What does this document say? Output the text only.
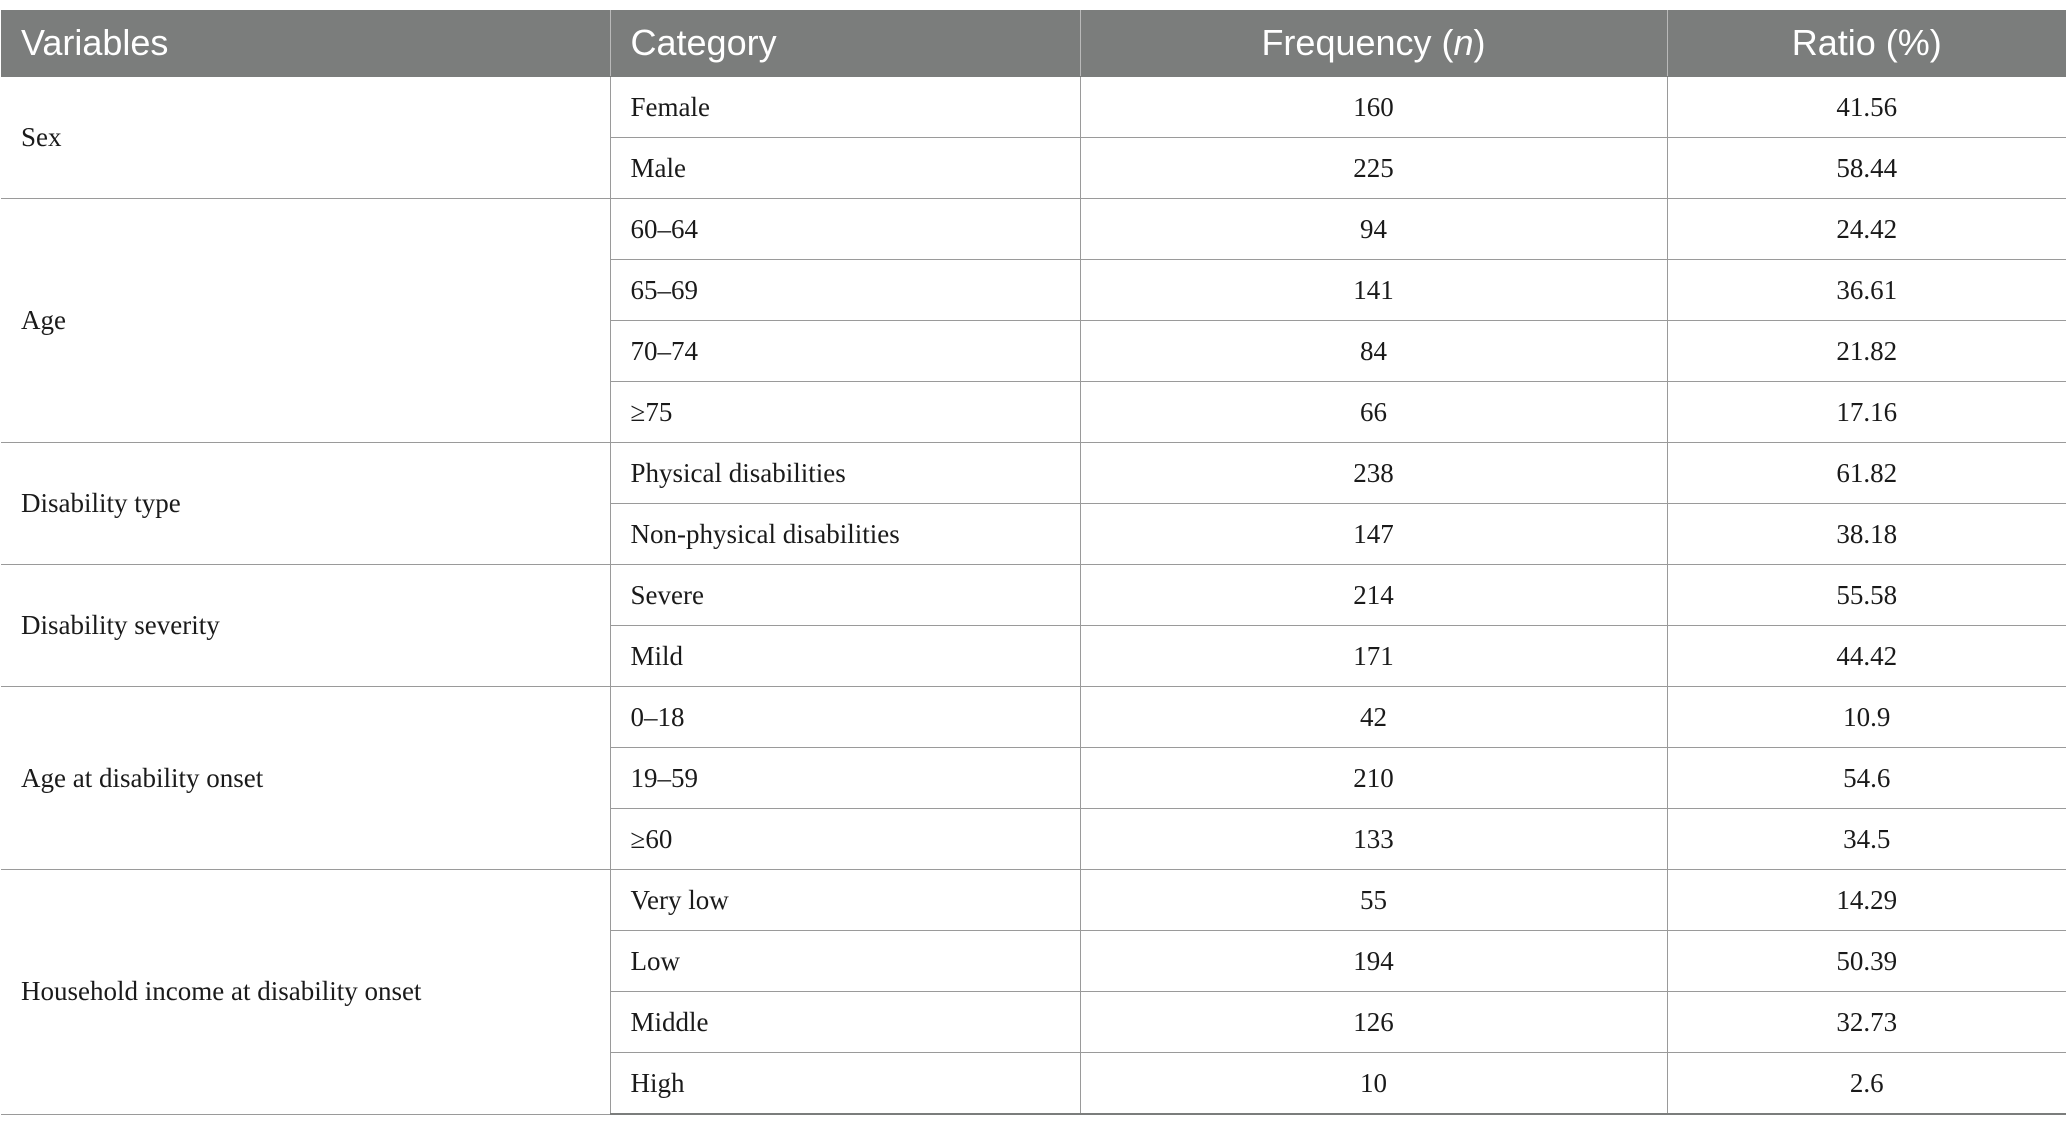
Variables	Category	Frequency (n)	Ratio (%)
Sex	Female	160	41.56
	Male	225	58.44
Age	60–64	94	24.42
	65–69	141	36.61
	70–74	84	21.82
	≥75	66	17.16
Disability type	Physical disabilities	238	61.82
	Non-physical disabilities	147	38.18
Disability severity	Severe	214	55.58
	Mild	171	44.42
Age at disability onset	0–18	42	10.9
	19–59	210	54.6
	≥60	133	34.5
Household income at disability onset	Very low	55	14.29
	Low	194	50.39
	Middle	126	32.73
	High	10	2.6
